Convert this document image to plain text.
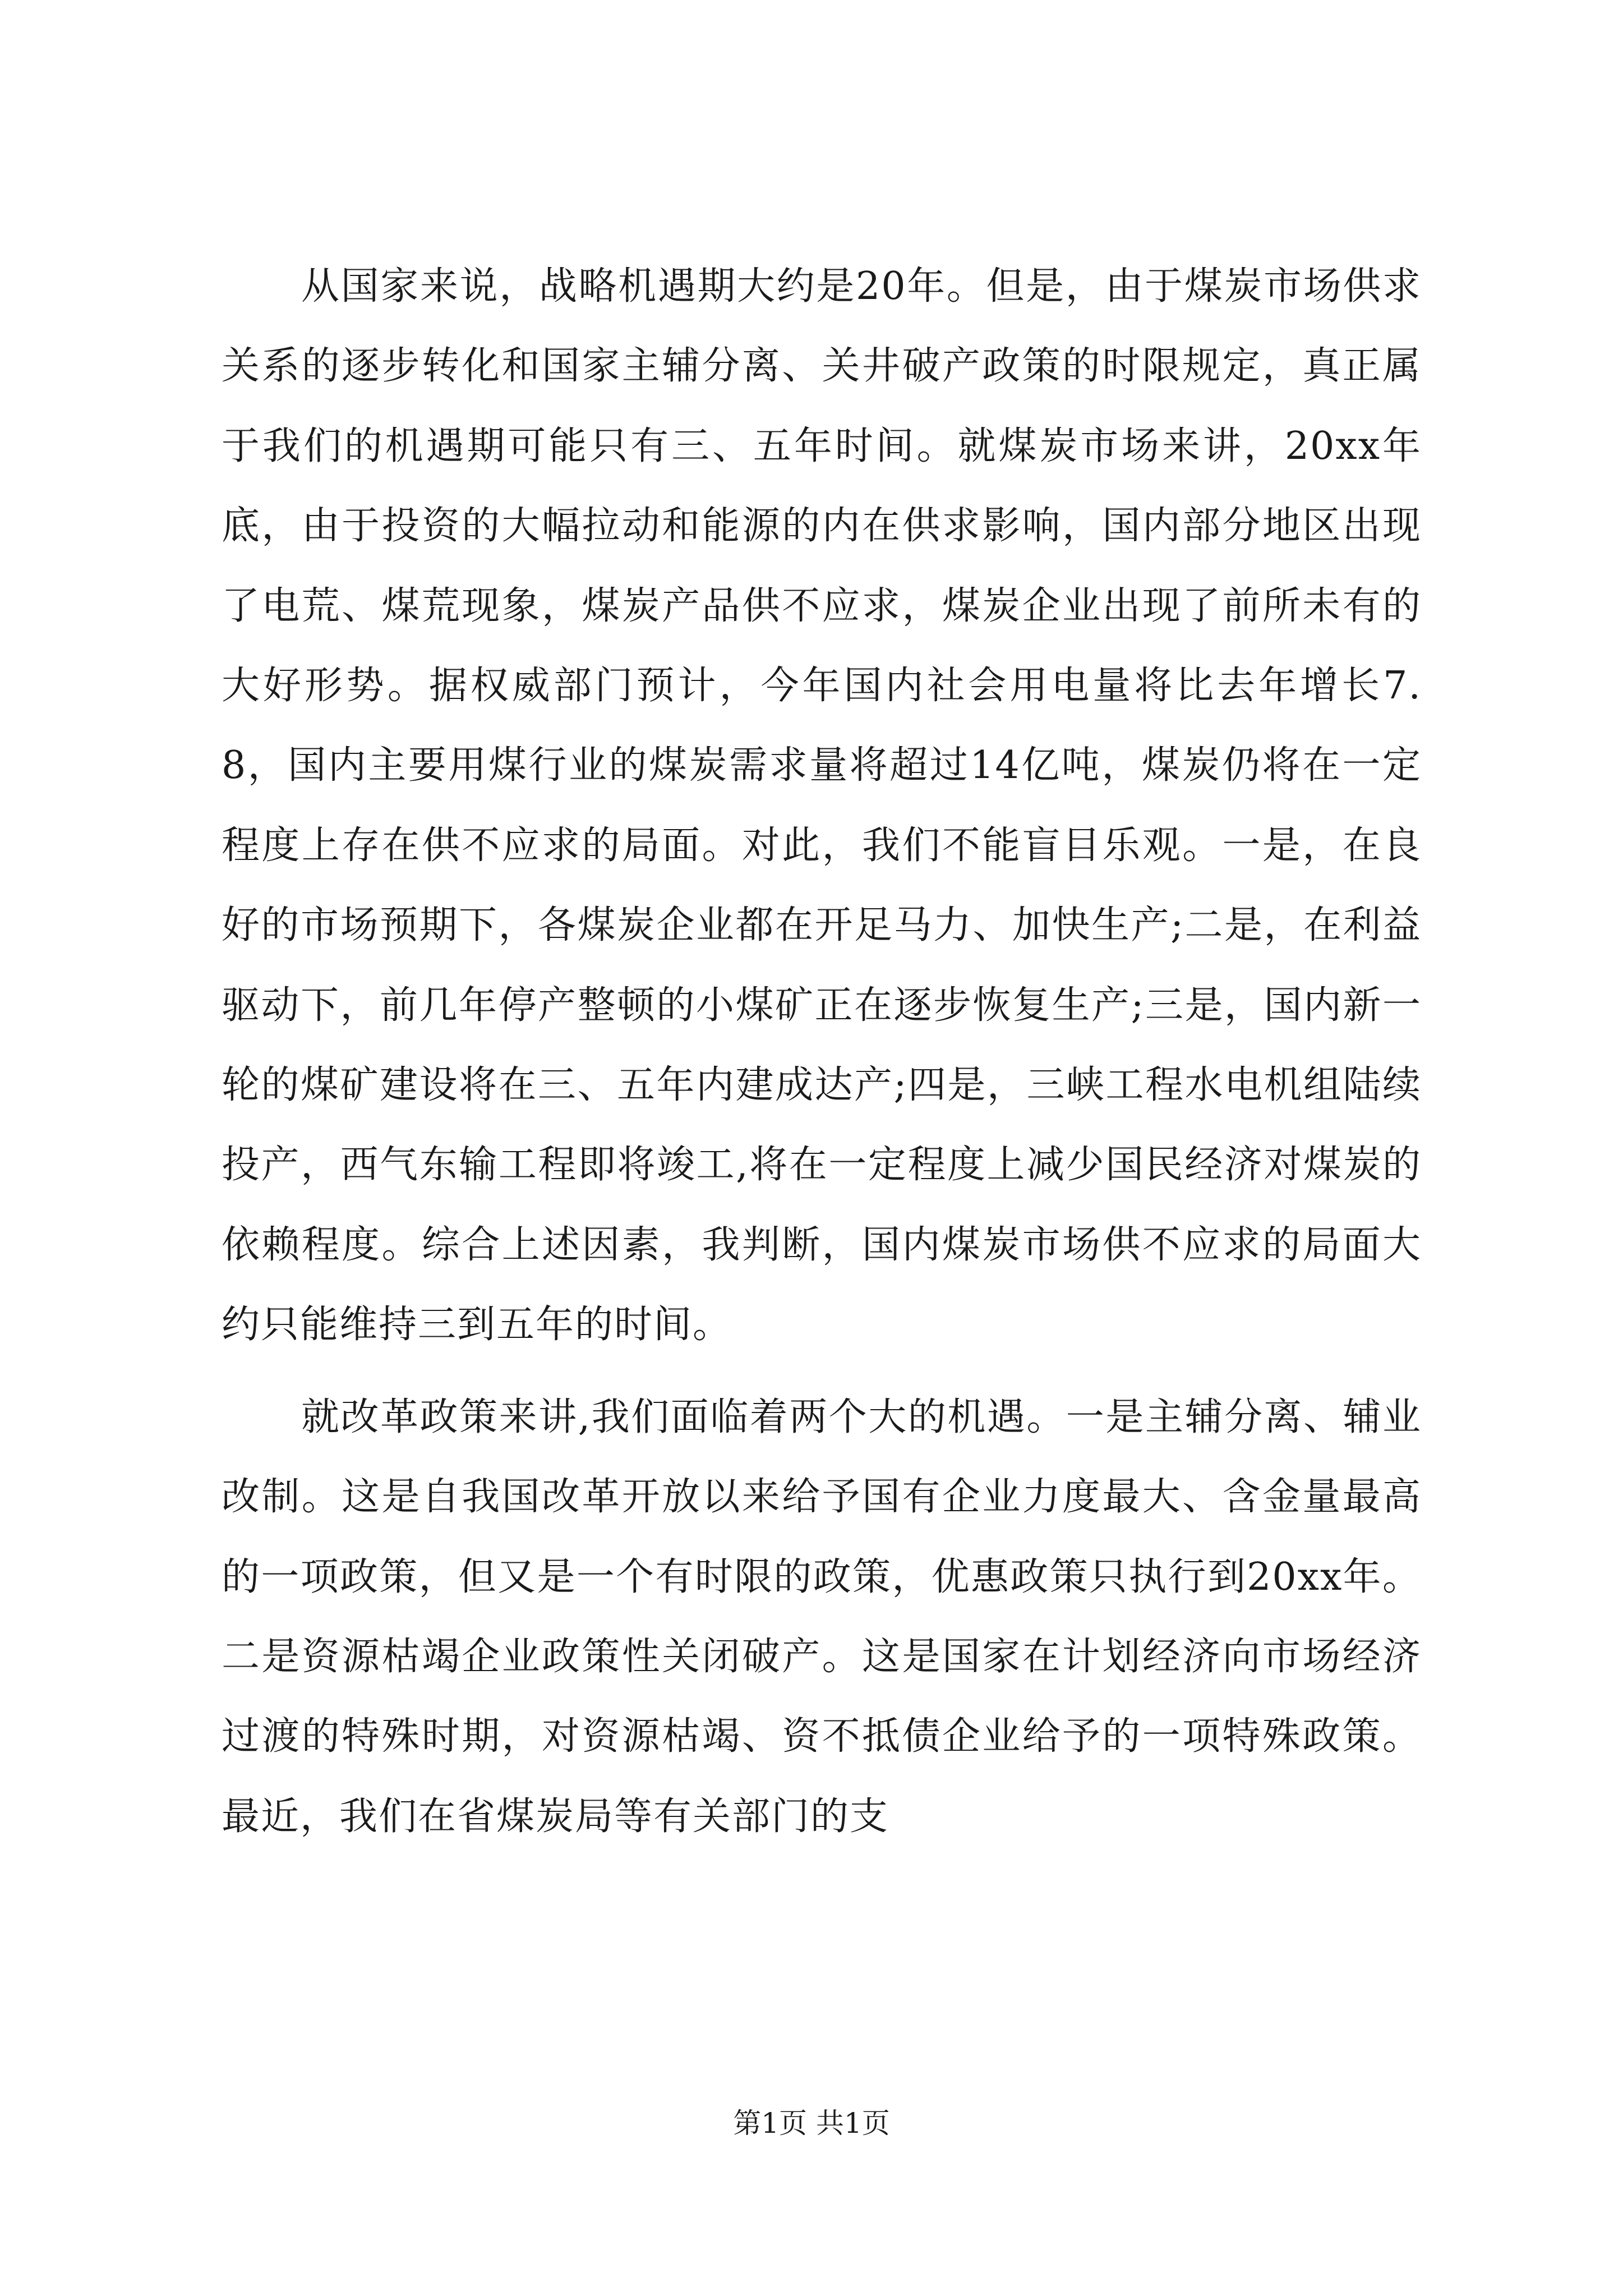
从国家来说，战略机遇期大约是20年。但是，由于煤炭市场供求关系的逐步转化和国家主辅分离、关井破产政策的时限规定，真正属于我们的机遇期可能只有三、五年时间。就煤炭市场来讲，20xx年底，由于投资的大幅拉动和能源的内在供求影响，国内部分地区出现了电荒、煤荒现象，煤炭产品供不应求，煤炭企业出现了前所未有的大好形势。据权威部门预计，今年国内社会用电量将比去年增长7.8，国内主要用煤行业的煤炭需求量将超过14亿吨，煤炭仍将在一定程度上存在供不应求的局面。对此，我们不能盲目乐观。一是，在良好的市场预期下，各煤炭企业都在开足马力、加快生产;二是，在利益驱动下，前几年停产整顿的小煤矿正在逐步恢复生产;三是，国内新一轮的煤矿建设将在三、五年内建成达产;四是，三峡工程水电机组陆续投产，西气东输工程即将竣工,将在一定程度上减少国民经济对煤炭的依赖程度。综合上述因素，我判断，国内煤炭市场供不应求的局面大约只能维持三到五年的时间。

就改革政策来讲,我们面临着两个大的机遇。一是主辅分离、辅业改制。这是自我国改革开放以来给予国有企业力度最大、含金量最高的一项政策，但又是一个有时限的政策，优惠政策只执行到20xx年。二是资源枯竭企业政策性关闭破产。这是国家在计划经济向市场经济过渡的特殊时期，对资源枯竭、资不抵债企业给予的一项特殊政策。最近，我们在省煤炭局等有关部门的支

第1页 共1页
